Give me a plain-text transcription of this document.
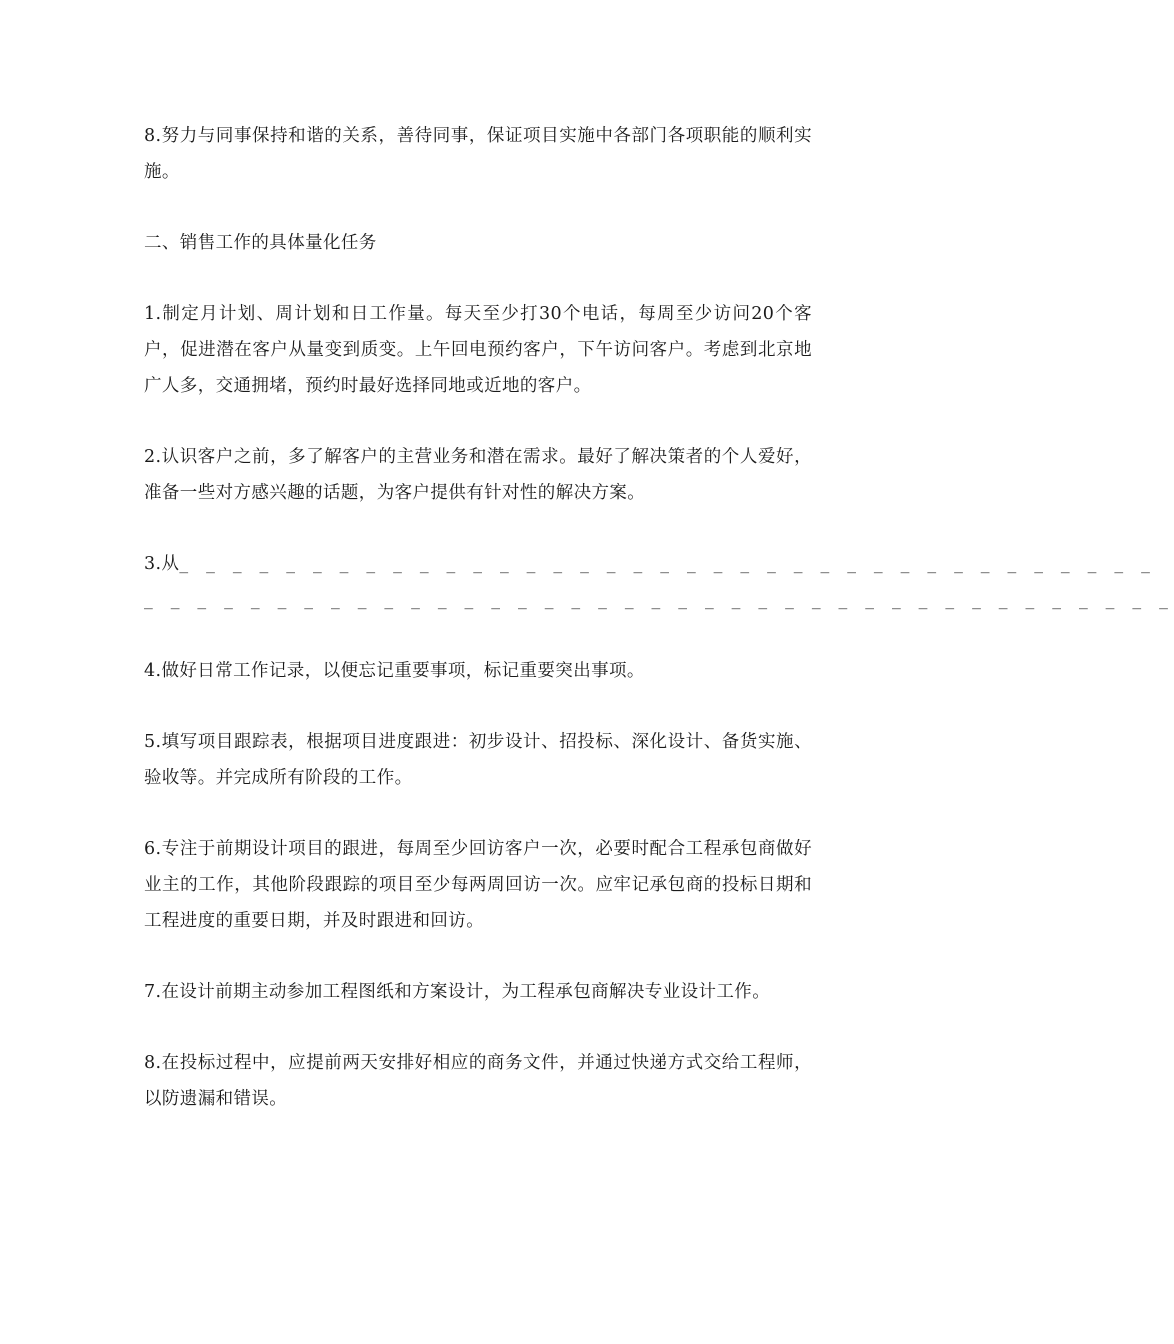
8.努力与同事保持和谐的关系，善待同事，保证项目实施中各部门各项职能的顺利实施。

二、销售工作的具体量化任务

1.制定月计划、周计划和日工作量。每天至少打30个电话，每周至少访问20个客户，促进潜在客户从量变到质变。上午回电预约客户，下午访问客户。考虑到北京地广人多，交通拥堵，预约时最好选择同地或近地的客户。

2.认识客户之前，多了解客户的主营业务和潜在需求。最好了解决策者的个人爱好，准备一些对方感兴趣的话题，为客户提供有针对性的解决方案。

3.从_ _ _ _ _ _ _ _ _ _ _ _ _ _ _ _ _ _ _ _ _ _ _ _ _ _ _ _ _ _ _ _ _ _ _ _ _
_ _ _ _ _ _ _ _ _ _ _ _ _ _ _ _ _ _ _ _ _ _ _ _ _ _ _ _ _ _ _ _ _ _ _ _ _ _ _

4.做好日常工作记录，以便忘记重要事项，标记重要突出事项。

5.填写项目跟踪表，根据项目进度跟进：初步设计、招投标、深化设计、备货实施、验收等。并完成所有阶段的工作。

6.专注于前期设计项目的跟进，每周至少回访客户一次，必要时配合工程承包商做好业主的工作，其他阶段跟踪的项目至少每两周回访一次。应牢记承包商的投标日期和工程进度的重要日期，并及时跟进和回访。

7.在设计前期主动参加工程图纸和方案设计，为工程承包商解决专业设计工作。

8.在投标过程中，应提前两天安排好相应的商务文件，并通过快递方式交给工程师，以防遗漏和错误。
